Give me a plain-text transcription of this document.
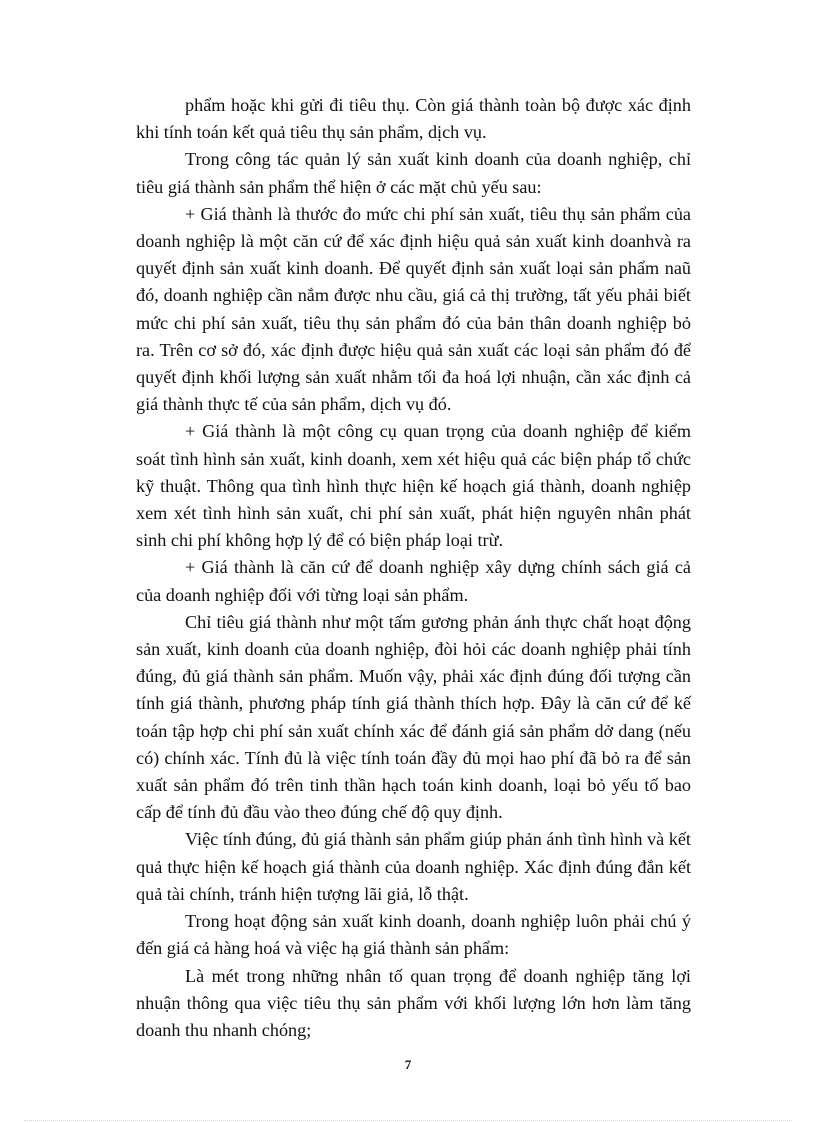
phẩm hoặc khi gửi đi tiêu thụ. Còn giá thành toàn bộ được xác định khi tính toán kết quả tiêu thụ sản phẩm, dịch vụ.

Trong công tác quản lý sản xuất kinh doanh của doanh nghiệp, chỉ tiêu giá thành sản phẩm thể hiện ở các mặt chủ yếu sau:

+ Giá thành là thước đo mức chi phí sản xuất, tiêu thụ sản phẩm của doanh nghiệp là một căn cứ để xác định hiệu quả sản xuất kinh doanhvà ra quyết định sản xuất kinh doanh. Để quyết định sản xuất loại sản phẩm naũ đó, doanh nghiệp cần nắm được nhu cầu, giá cả thị trường, tất yếu phải biết mức chi phí sản xuất, tiêu thụ sản phẩm đó của bản thân doanh nghiệp bỏ ra. Trên cơ sở đó, xác định được hiệu quả sản xuất các loại sản phẩm đó để quyết định khối lượng sản xuất nhằm tối đa hoá lợi nhuận, cần xác định cả giá thành thực tế của sản phẩm, dịch vụ đó.

+ Giá thành là một công cụ quan trọng của doanh nghiệp để kiểm soát tình hình sản xuất, kinh doanh, xem xét hiệu quả các biện pháp tổ chức kỹ thuật. Thông qua tình hình thực hiện kế hoạch giá thành, doanh nghiệp xem xét tình hình sản xuất, chi phí sản xuất, phát hiện nguyên nhân phát sinh chi phí không hợp lý để có biện pháp loại trừ.

+ Giá thành là căn cứ để doanh nghiệp xây dựng chính sách giá cả của doanh nghiệp đối với từng loại sản phẩm.

Chỉ tiêu giá thành như một tấm gương phản ánh thực chất hoạt động sản xuất, kinh doanh của doanh nghiệp, đòi hỏi các doanh nghiệp phải tính đúng, đủ giá thành sản phẩm. Muốn vậy, phải xác định đúng đối tượng cần tính giá thành, phương pháp tính giá thành thích hợp. Đây là căn cứ để kế toán tập hợp chi phí sản xuất chính xác để đánh giá sản phẩm dở dang (nếu có) chính xác. Tính đủ là việc tính toán đầy đủ mọi hao phí đã bỏ ra để sản xuất sản phẩm đó trên tinh thần hạch toán kinh doanh, loại bỏ yếu tố bao cấp để tính đủ đầu vào theo đúng chế độ quy định.

Việc tính đúng, đủ giá thành sản phẩm giúp phản ánh tình hình và kết quả thực hiện kế hoạch giá thành của doanh nghiệp. Xác định đúng đắn kết quả tài chính, tránh hiện tượng lãi giả, lỗ thật.

Trong hoạt động sản xuất kinh doanh, doanh nghiệp luôn phải chú ý đến giá cả hàng hoá và việc hạ giá thành sản phẩm:

Là mét trong những nhân tố quan trọng để doanh nghiệp tăng lợi nhuận thông qua việc tiêu thụ sản phẩm với khối lượng lớn hơn làm tăng doanh thu nhanh chóng;

7
